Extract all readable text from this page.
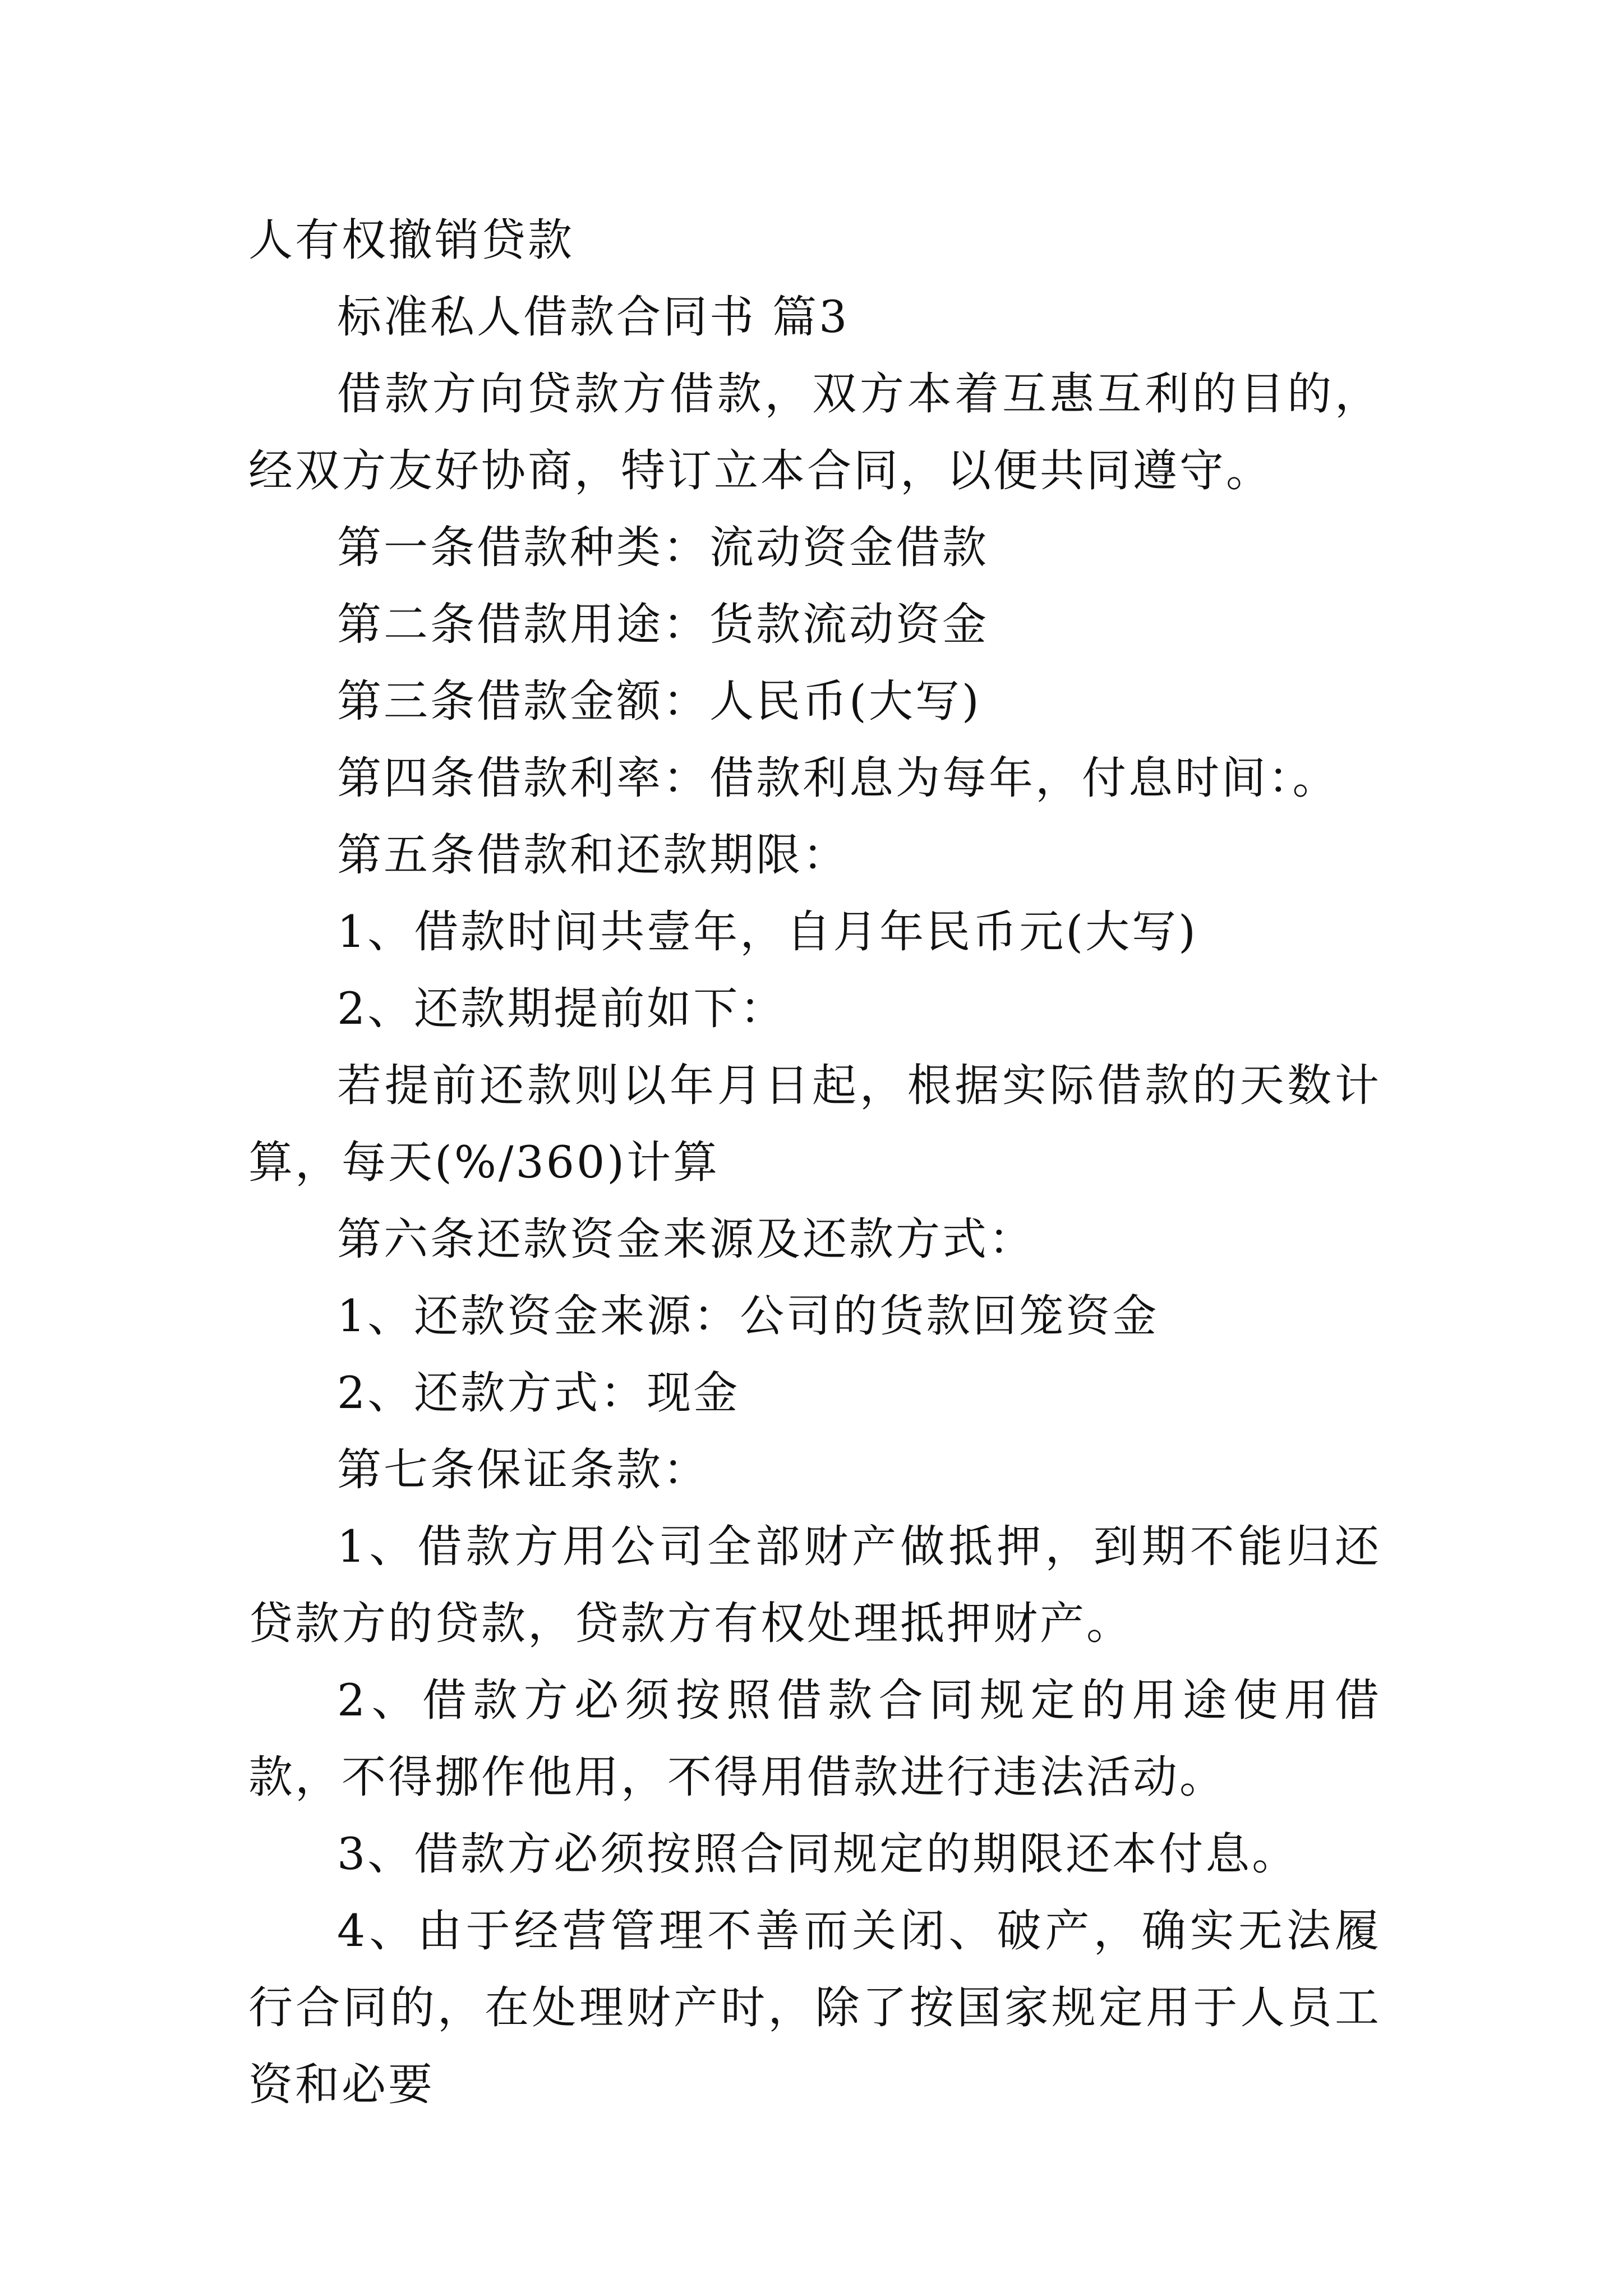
人有权撤销贷款

标准私人借款合同书 篇3

借款方向贷款方借款，双方本着互惠互利的目的，经双方友好协商，特订立本合同，以便共同遵守。

第一条借款种类：流动资金借款

第二条借款用途：货款流动资金

第三条借款金额：人民币(大写)

第四条借款利率：借款利息为每年，付息时间：。

第五条借款和还款期限：

1、借款时间共壹年，自月年民币元(大写)

2、还款期提前如下：

若提前还款则以年月日起，根据实际借款的天数计算，每天(%/360)计算

第六条还款资金来源及还款方式：

1、还款资金来源：公司的货款回笼资金

2、还款方式：现金

第七条保证条款：

1、借款方用公司全部财产做抵押，到期不能归还贷款方的贷款，贷款方有权处理抵押财产。

2、借款方必须按照借款合同规定的用途使用借款，不得挪作他用，不得用借款进行违法活动。

3、借款方必须按照合同规定的期限还本付息。

4、由于经营管理不善而关闭、破产，确实无法履行合同的，在处理财产时，除了按国家规定用于人员工资和必要
